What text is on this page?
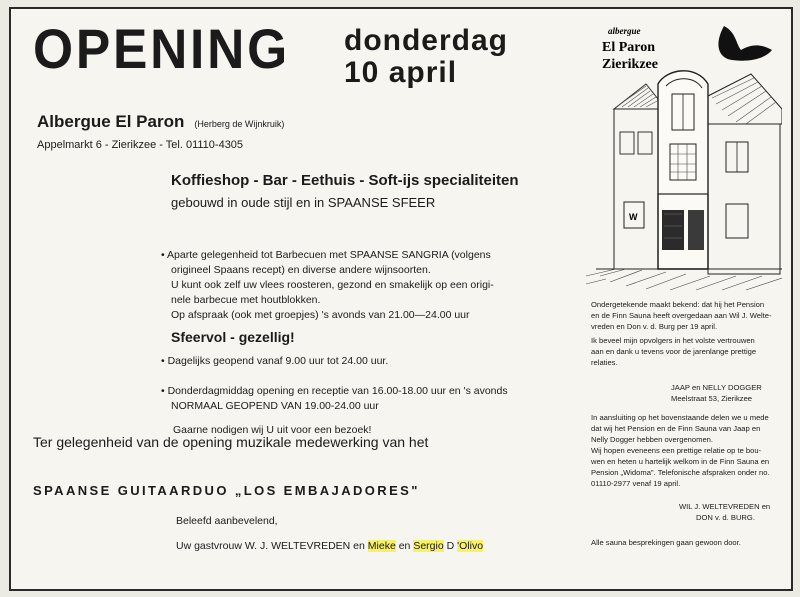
OPENING donderdag
10 april
Albergue El Paron (Herberg de Wijnkruik)
Appelmarkt 6 - Zierikzee - Tel. 01110-4305
Koffieshop - Bar - Eethuis - Soft-ijs specialiteiten
gebouwd in oude stijl en in SPAANSE SFEER
• Aparte gelegenheid tot Barbecuen met SPAANSE SANGRIA (volgens
origineel Spaans recept) en diverse andere wijnsoorten.
U kunt ook zelf uw vlees roosteren, gezond en smakelijk op een origi-
nele barbecue met houtblokken.
Op afspraak (ook met groepjes) 's avonds van 21.00—24.00 uur
Sfeervol - gezellig!
• Dagelijks geopend vanaf 9.00 uur tot 24.00 uur.
• Donderdagmiddag opening en receptie van 16.00-18.00 uur en 's avonds
NORMAAL GEOPEND VAN 19.00-24.00 uur
Gaarne nodigen wij U uit voor een bezoek!
Ter gelegenheid van de opening muzikale medewerking van het
SPAANSE GUITAARDUO „LOS EMBAJADORES"
Beleefd aanbevelend,
Uw gastvrouw W. J. WELTEVREDEN en Mieke en Sergio D 'Olivo
albergue
El Paron
Zierikzee
W
Ondergetekende maakt bekend: dat hij het Pension
en de Finn Sauna heeft overgedaan aan Wil J. Welte-
vreden en Don v. d. Burg per 19 april.
Ik beveel mijn opvolgers in het volste vertrouwen
aan en dank u tevens voor de jarenlange prettige
relaties.
JAAP en NELLY DOGGER
Meelstraat 53, Zierikzee
In aansluiting op het bovenstaande delen we u mede
dat wij het Pension en de Finn Sauna van Jaap en
Nelly Dogger hebben overgenomen.
Wij hopen eveneens een prettige relatie op te bou-
wen en heten u hartelijk welkom in de Finn Sauna en
Pension „Widoma". Telefonische afspraken onder no.
01110-2977 venaf 19 april.
WIL J. WELTEVREDEN en
DON v. d. BURG.
Alle sauna besprekingen gaan gewoon door.
